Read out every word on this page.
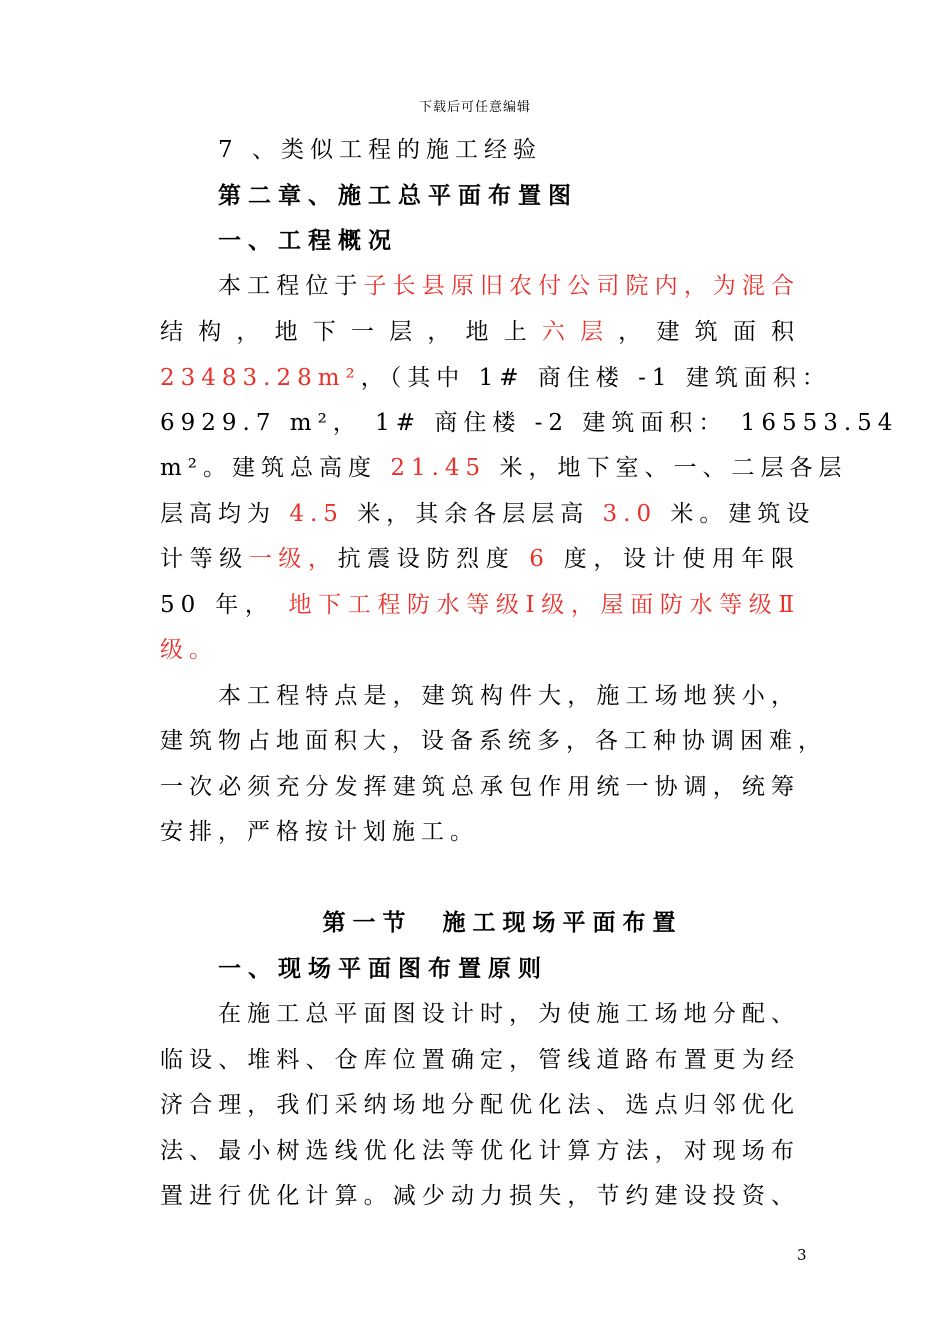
下载后可任意编辑
7 、类似工程的施工经验
第二章、施工总平面布置图
一、工程概况
本工程位于子长县原旧农付公司院内，为混合
结构，地下一层，地上六层，建筑面积
23483.28m²，（其中 1# 商住楼 -1 建筑面积：
6929.7 m²， 1# 商住楼 -2 建筑面积： 16553.54
m²。建筑总高度 21.45 米，地下室、一、二层各层
层高均为 4.5 米，其余各层层高 3.0 米。建筑设
计等级一级，抗震设防烈度 6 度，设计使用年限
50 年， 地下工程防水等级Ⅰ级，屋面防水等级Ⅱ
级。
本工程特点是，建筑构件大，施工场地狭小，
建筑物占地面积大，设备系统多，各工种协调困难，
一次必须充分发挥建筑总承包作用统一协调，统筹
安排，严格按计划施工。
第一节　施工现场平面布置
一、现场平面图布置原则
在施工总平面图设计时，为使施工场地分配、
临设、堆料、仓库位置确定，管线道路布置更为经
济合理，我们采纳场地分配优化法、选点归邻优化
法、最小树选线优化法等优化计算方法，对现场布
置进行优化计算。减少动力损失，节约建设投资、
3
